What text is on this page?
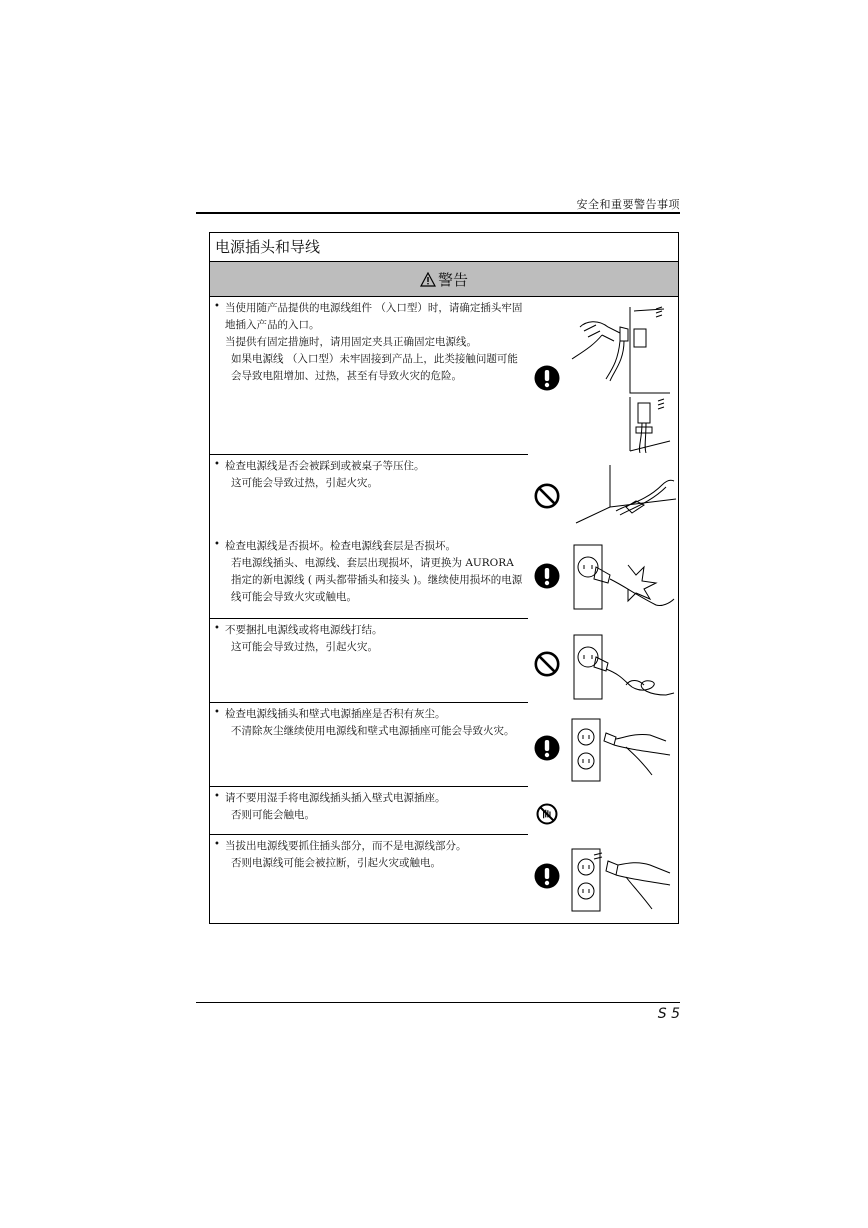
安全和重要警告事项
电源插头和导线
警告
• 当使用随产品提供的电源线组件 （入口型）时，请确定插头牢固地插入产品的入口。
当提供有固定措施时，请用固定夹具正确固定电源线。
如果电源线 （入口型）未牢固接到产品上，此类接触问题可能会导致电阻增加、过热，甚至有导致火灾的危险。
• 检查电源线是否会被踩到或被桌子等压住。
这可能会导致过热，引起火灾。
• 检查电源线是否损坏。检查电源线套层是否损坏。
若电源线插头、电源线、套层出现损坏，请更换为 AURORA 指定的新电源线 ( 两头都带插头和接头 )。继续使用损坏的电源线可能会导致火灾或触电。
• 不要捆扎电源线或将电源线打结。
这可能会导致过热，引起火灾。
• 检查电源线插头和壁式电源插座是否积有灰尘。
不清除灰尘继续使用电源线和壁式电源插座可能会导致火灾。
• 请不要用湿手将电源线插头插入壁式电源插座。
否则可能会触电。
• 当拔出电源线要抓住插头部分，而不是电源线部分。
否则电源线可能会被拉断，引起火灾或触电。
S 5
